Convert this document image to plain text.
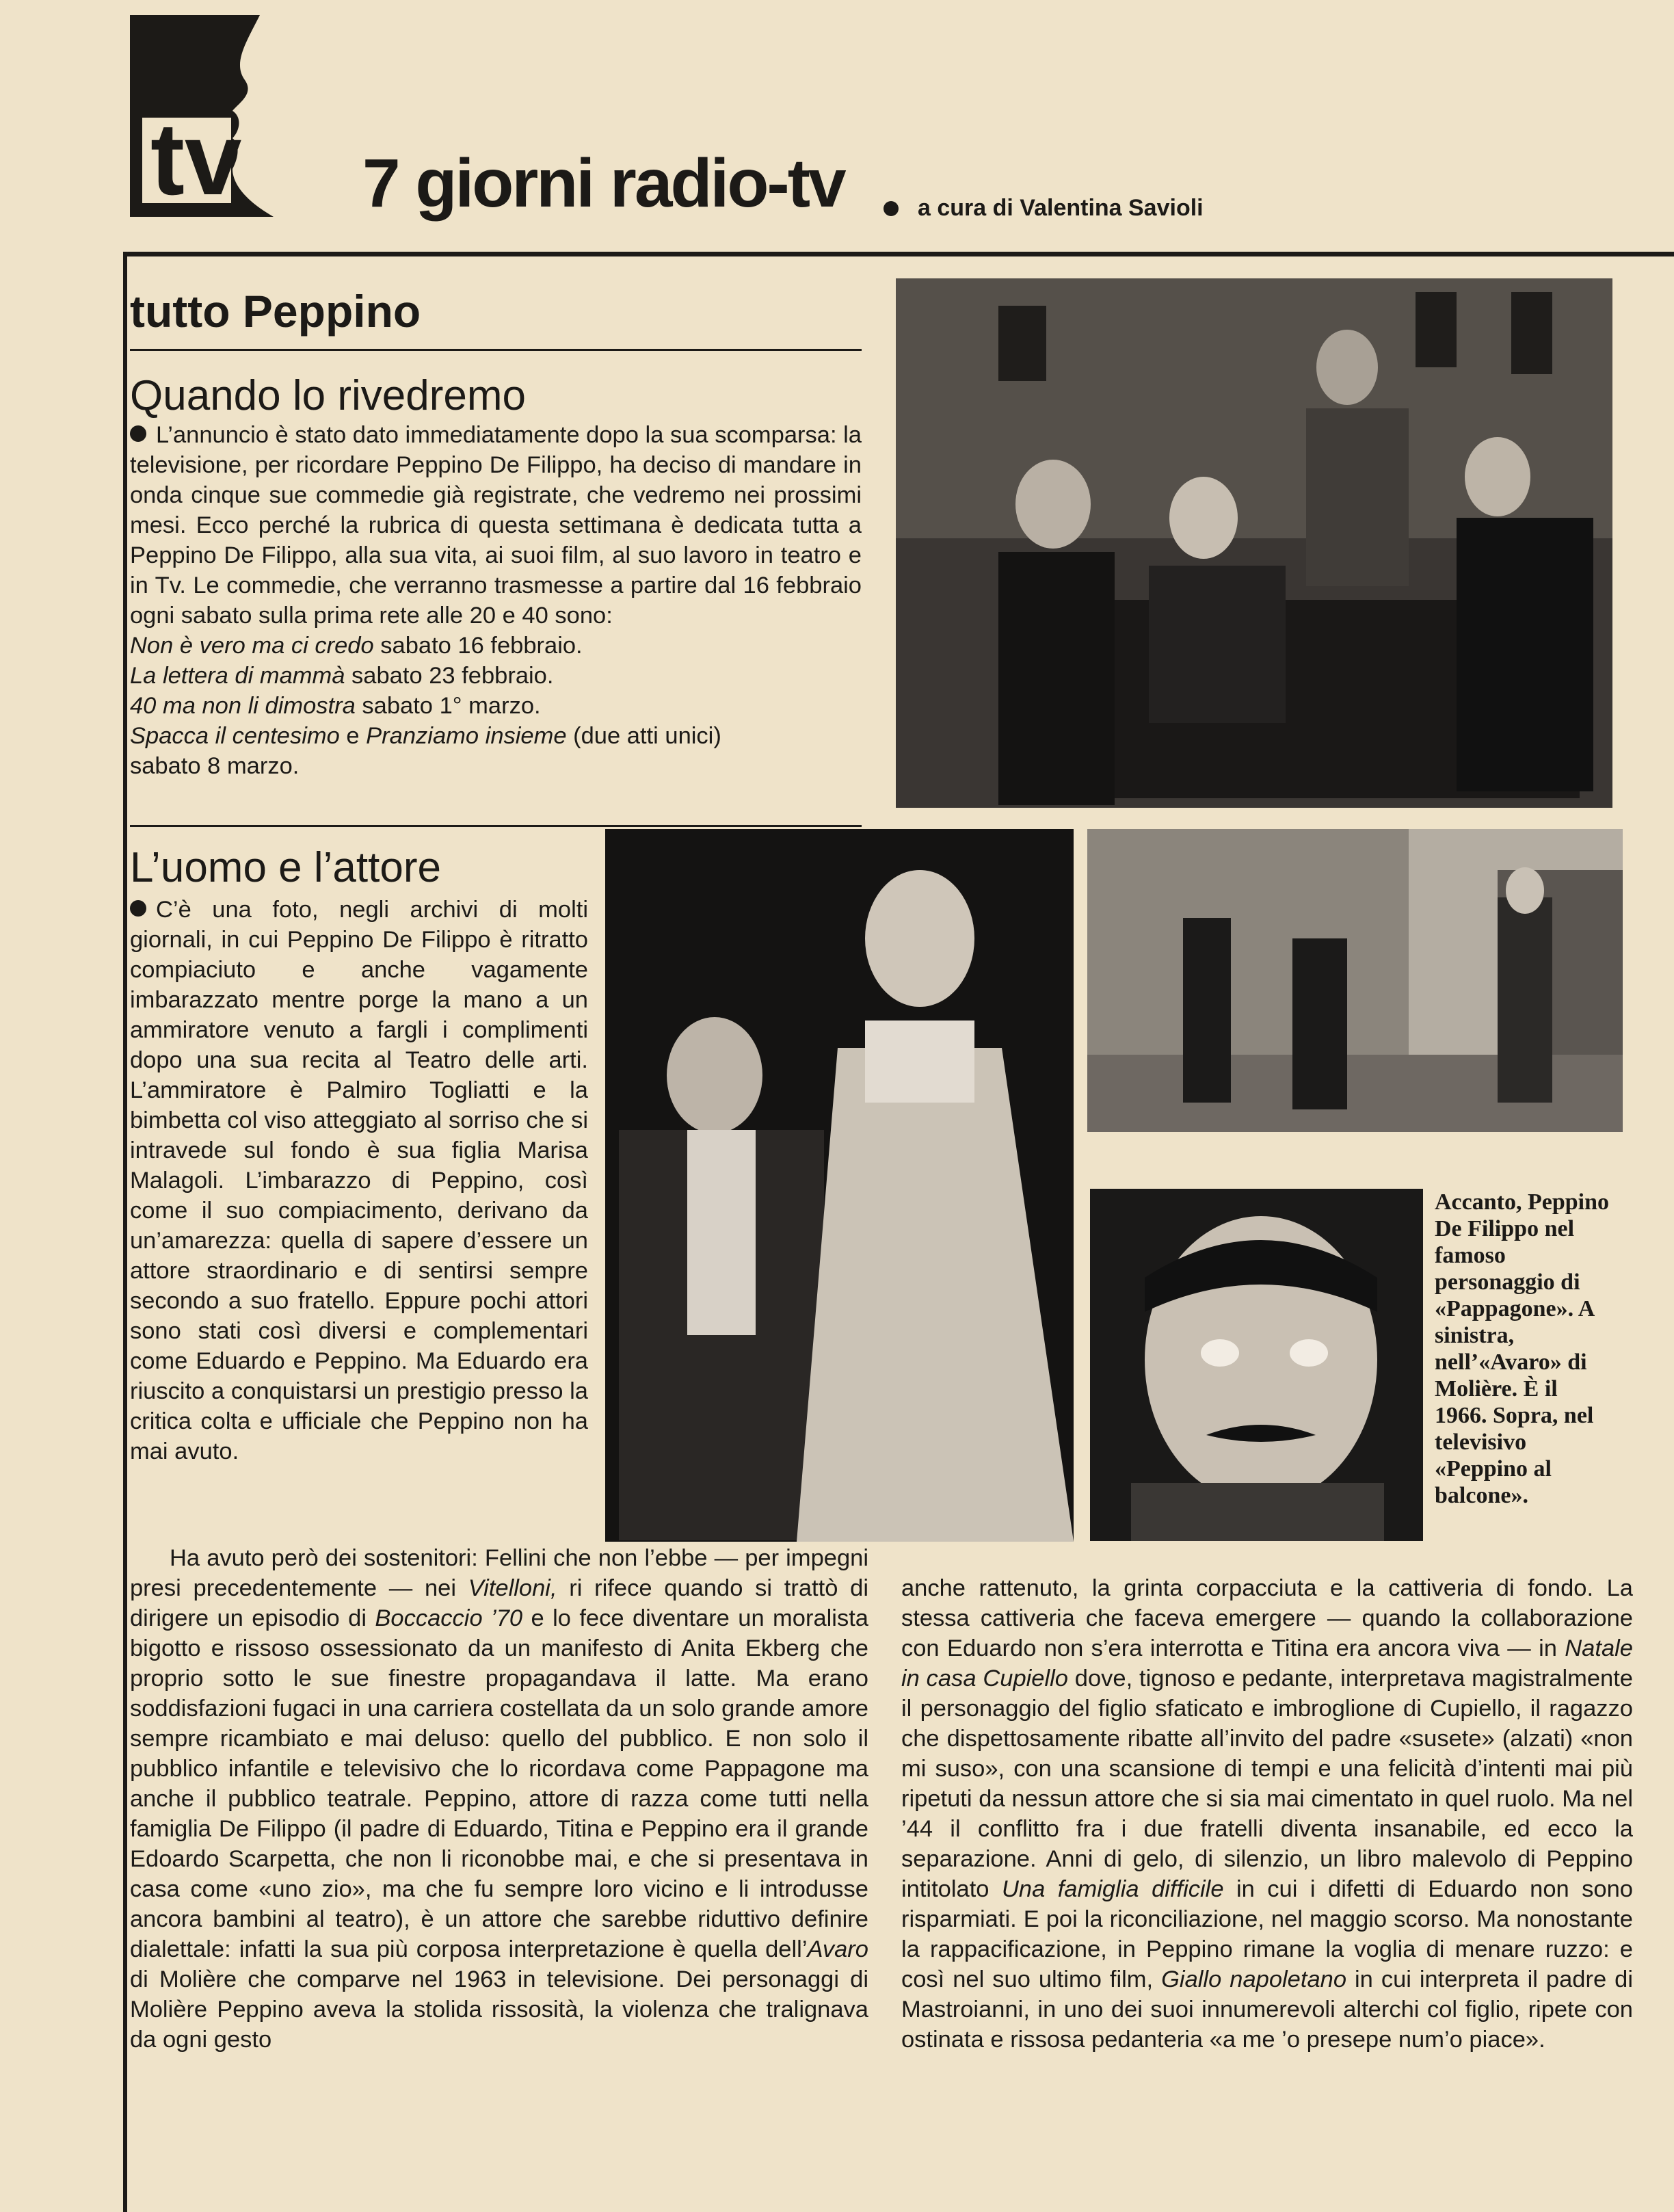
tv 7 giorni radio-tv	a cura di Valentina Savioli
tutto Peppino
Quando lo rivedremo

L’annuncio è stato dato immediatamente dopo la sua scomparsa: la televisione, per ricordare Peppino De Filippo, ha deciso di mandare in onda cinque sue commedie già registrate, che vedremo nei prossimi mesi. Ecco perché la rubrica di questa settimana è dedicata tutta a Peppino De Filippo, alla sua vita, ai suoi film, al suo lavoro in teatro e in Tv. Le commedie, che verranno trasmesse a partire dal 16 febbraio ogni sabato sulla prima rete alle 20 e 40 sono:

Non è vero ma ci credo sabato 16 febbraio.

La lettera di mammà sabato 23 febbraio.

40 ma non li dimostra sabato 1° marzo.

Spacca il centesimo e Pranziamo insieme (due atti unici)
sabato 8 marzo.

L’uomo e l’attore

C’è una foto, negli archivi di molti giornali, in cui Peppino De Filippo è ritratto compiaciuto e anche vagamente imbarazzato mentre porge la mano a un ammiratore venuto a fargli i complimenti dopo una sua recita al Teatro delle arti. L’ammiratore è Palmiro Togliatti e la bimbetta col viso atteggiato al sorriso che si intravede sul fondo è sua figlia Marisa Malagoli. L’imbarazzo di Peppino, così come il suo compiacimento, derivano da un’amarezza: quella di sapere d’essere un attore straordinario e di sentirsi sempre secondo a suo fratello. Eppure pochi attori sono stati così diversi e complementari come Eduardo e Peppino. Ma Eduardo era riuscito a conquistarsi un prestigio presso la critica colta e ufficiale che Peppino non ha mai avuto.

Ha avuto però dei sostenitori: Fellini che non l’ebbe — per impegni presi precedentemente — nei Vitelloni, ri rifece quando si trattò di dirigere un episodio di Boccaccio ’70 e lo fece diventare un moralista bigotto e rissoso ossessionato da un manifesto di Anita Ekberg che proprio sotto le sue finestre propagandava il latte. Ma erano soddisfazioni fugaci in una carriera costellata da un solo grande amore sempre ricambiato e mai deluso: quello del pubblico. E non solo il pubblico infantile e televisivo che lo ricordava come Pappagone ma anche il pubblico teatrale. Peppino, attore di razza come tutti nella famiglia De Filippo (il padre di Eduardo, Titina e Peppino era il grande Edoardo Scarpetta, che non li riconobbe mai, e che si presentava in casa come «uno zio», ma che fu sempre loro vicino e li introdusse ancora bambini al teatro), è un attore che sarebbe riduttivo definire dialettale: infatti la sua più corposa interpretazione è quella dell’Avaro di Molière che comparve nel 1963 in televisione. Dei personaggi di Molière Peppino aveva la stolida rissosità, la violenza che tralignava da ogni gesto

anche rattenuto, la grinta corpacciuta e la cattiveria di fondo. La stessa cattiveria che faceva emergere — quando la collaborazione con Eduardo non s’era interrotta e Titina era ancora viva — in Natale in casa Cupiello dove, tignoso e pedante, interpretava magistralmente il personaggio del figlio sfaticato e imbroglione di Cupiello, il ragazzo che dispettosamente ribatte all’invito del padre «susete» (alzati) «non mi suso», con una scansione di tempi e una felicità d’intenti mai più ripetuti da nessun attore che si sia mai cimentato in quel ruolo. Ma nel ’44 il conflitto fra i due fratelli diventa insanabile, ed ecco la separazione. Anni di gelo, di silenzio, un libro malevolo di Peppino intitolato Una famiglia difficile in cui i difetti di Eduardo non sono risparmiati. E poi la riconciliazione, nel maggio scorso. Ma nonostante la rappacificazione, in Peppino rimane la voglia di menare ruzzo: e così nel suo ultimo film, Giallo napoletano in cui interpreta il padre di Mastroianni, in uno dei suoi innumerevoli alterchi col figlio, ripete con ostinata e rissosa pedanteria «a me ’o presepe num’o piace».

Accanto, Peppino De Filippo nel famoso personaggio di «Pappagone». A sinistra, nell’«Avaro» di Molière. È il 1966. Sopra, nel televisivo «Peppino al balcone».
